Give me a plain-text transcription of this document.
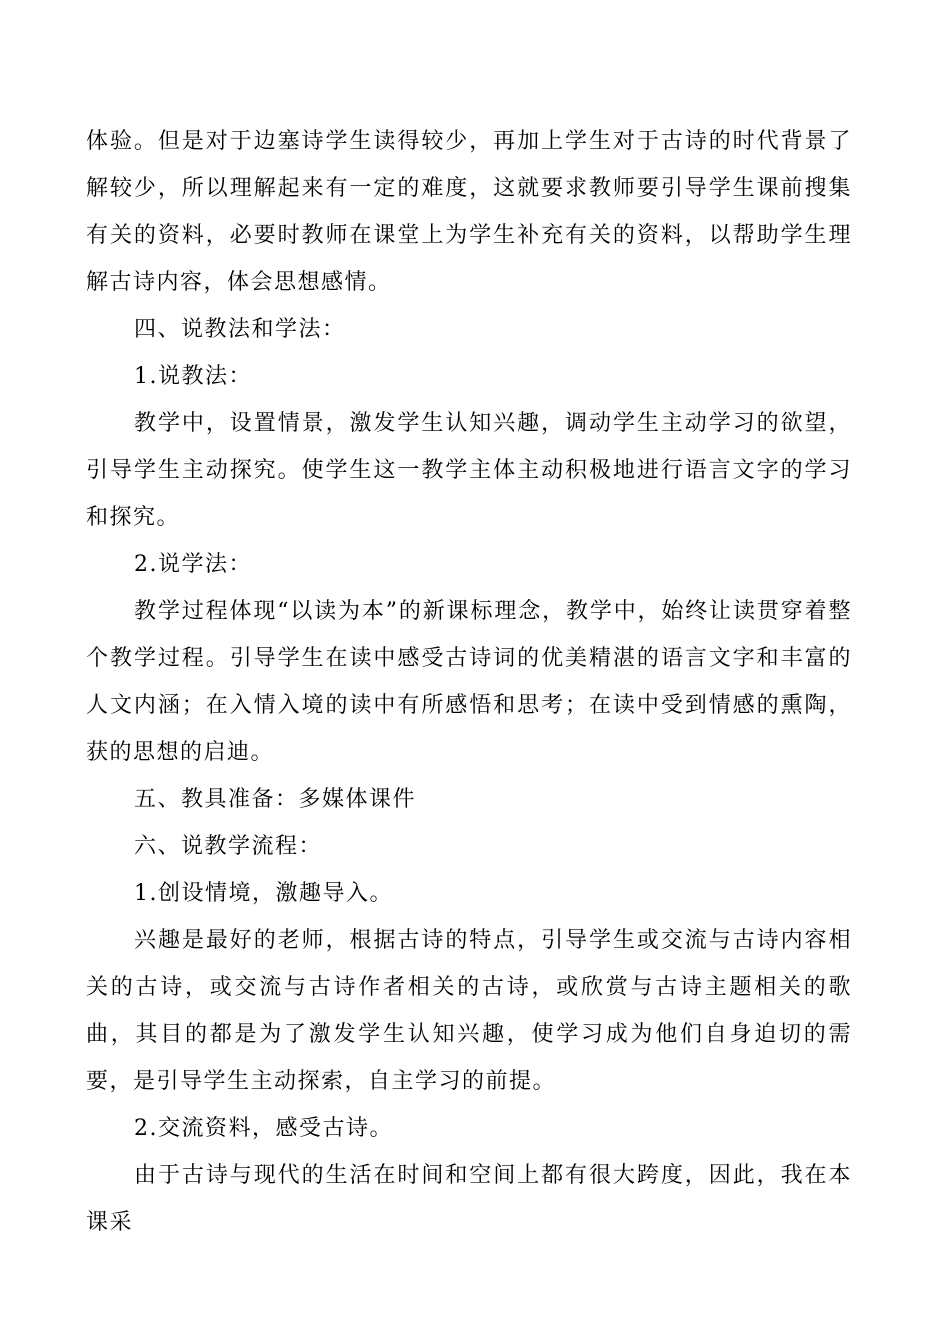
体验。但是对于边塞诗学生读得较少，再加上学生对于古诗的时代背景了解较少，所以理解起来有一定的难度，这就要求教师要引导学生课前搜集有关的资料，必要时教师在课堂上为学生补充有关的资料，以帮助学生理解古诗内容，体会思想感情。

四、说教法和学法：

1.说教法：

教学中，设置情景，激发学生认知兴趣，调动学生主动学习的欲望，引导学生主动探究。使学生这一教学主体主动积极地进行语言文字的学习和探究。

2.说学法：

教学过程体现“以读为本”的新课标理念，教学中，始终让读贯穿着整个教学过程。引导学生在读中感受古诗词的优美精湛的语言文字和丰富的人文内涵；在入情入境的读中有所感悟和思考；在读中受到情感的熏陶，获的思想的启迪。

五、教具准备：多媒体课件

六、说教学流程：

1.创设情境，激趣导入。

兴趣是最好的老师，根据古诗的特点，引导学生或交流与古诗内容相关的古诗，或交流与古诗作者相关的古诗，或欣赏与古诗主题相关的歌曲，其目的都是为了激发学生认知兴趣，使学习成为他们自身迫切的需要，是引导学生主动探索，自主学习的前提。

2.交流资料，感受古诗。

由于古诗与现代的生活在时间和空间上都有很大跨度，因此，我在本课采
